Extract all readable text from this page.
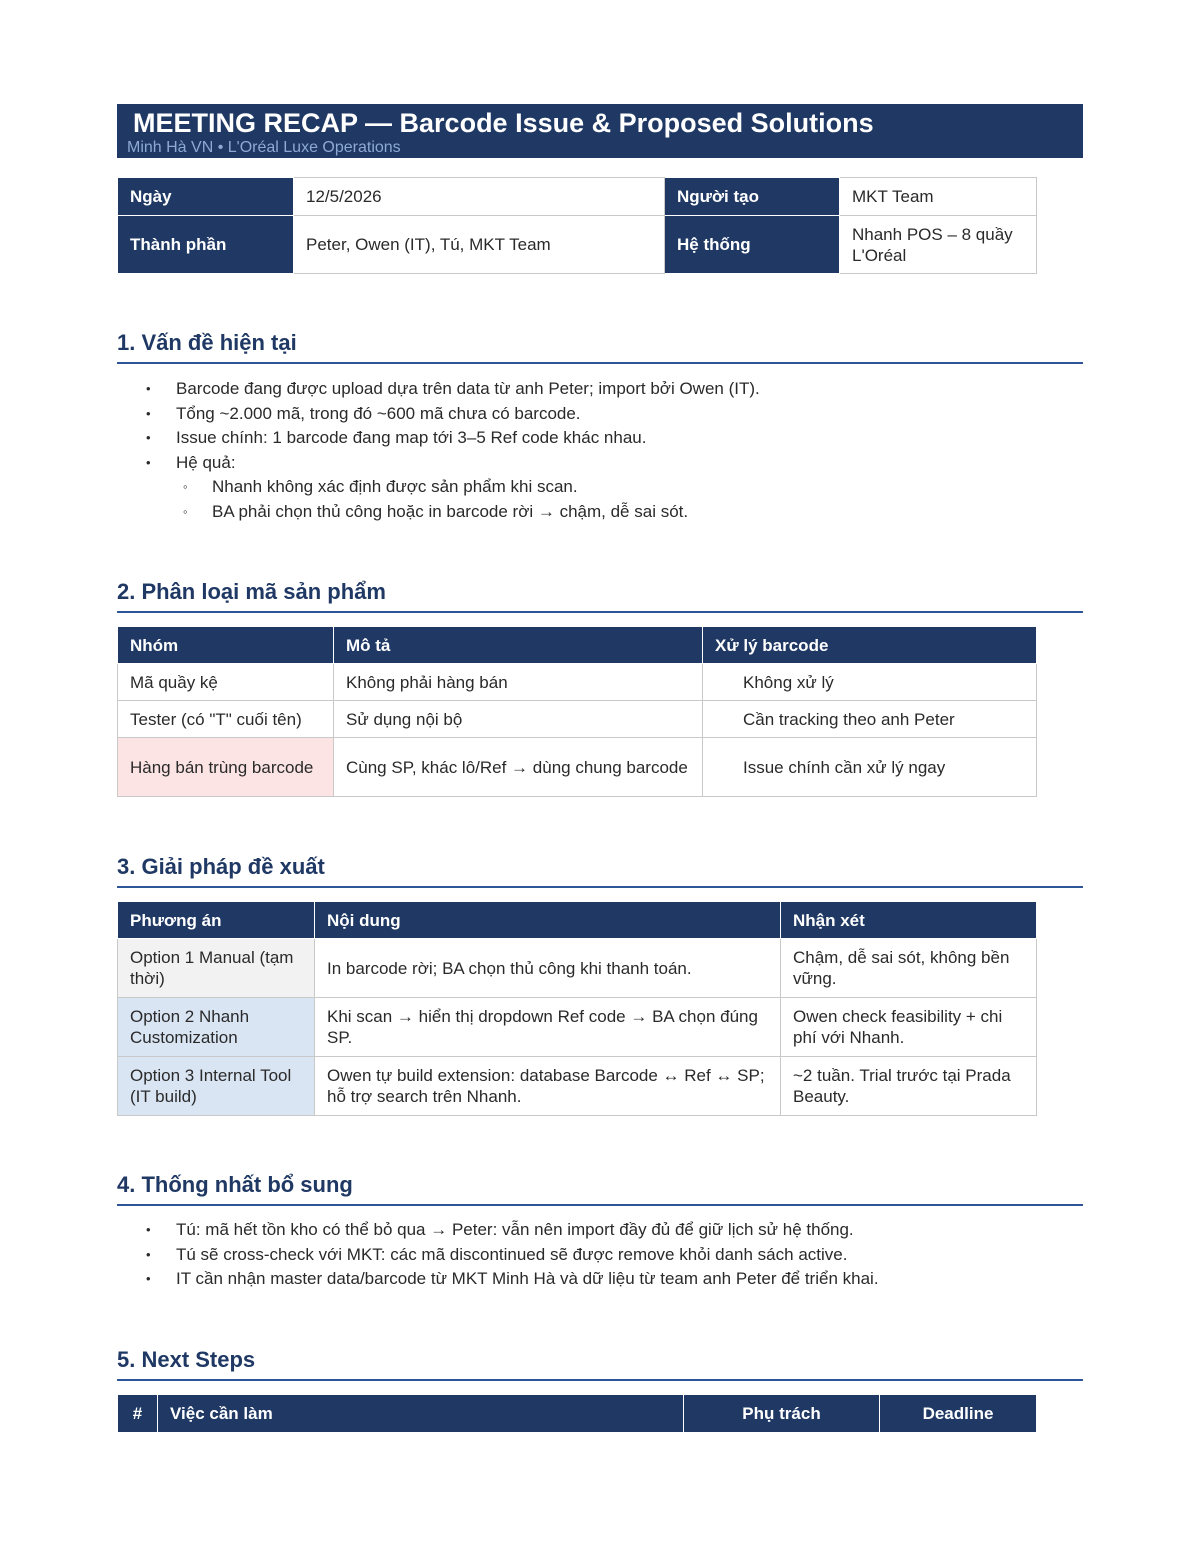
MEETING RECAP — Barcode Issue & Proposed Solutions
Minh Hà VN • L'Oréal Luxe Operations
Ngày	12/5/2026	Người tạo	MKT Team
Thành phần	Peter, Owen (IT), Tú, MKT Team	Hệ thống	Nhanh POS – 8 quầy L'Oréal
1. Vấn đề hiện tại
• Barcode đang được upload dựa trên data từ anh Peter; import bởi Owen (IT).
• Tổng ~2.000 mã, trong đó ~600 mã chưa có barcode.
• Issue chính: 1 barcode đang map tới 3–5 Ref code khác nhau.
• Hệ quả:
◦ Nhanh không xác định được sản phẩm khi scan.
◦ BA phải chọn thủ công hoặc in barcode rời → chậm, dễ sai sót.
2. Phân loại mã sản phẩm
Nhóm	Mô tả	Xử lý barcode
Mã quầy kệ	Không phải hàng bán	Không xử lý
Tester (có "T" cuối tên)	Sử dụng nội bộ	Cần tracking theo anh Peter
Hàng bán trùng barcode	Cùng SP, khác lô/Ref → dùng chung barcode	Issue chính cần xử lý ngay
3. Giải pháp đề xuất
Phương án	Nội dung	Nhận xét
Option 1 Manual (tạm thời)	In barcode rời; BA chọn thủ công khi thanh toán.	Chậm, dễ sai sót, không bền vững.
Option 2 Nhanh Customization	Khi scan → hiển thị dropdown Ref code → BA chọn đúng SP.	Owen check feasibility + chi phí với Nhanh.
Option 3 Internal Tool (IT build)	Owen tự build extension: database Barcode ↔ Ref ↔ SP; hỗ trợ search trên Nhanh.	~2 tuần. Trial trước tại Prada Beauty.
4. Thống nhất bổ sung
• Tú: mã hết tồn kho có thể bỏ qua → Peter: vẫn nên import đầy đủ để giữ lịch sử hệ thống.
• Tú sẽ cross-check với MKT: các mã discontinued sẽ được remove khỏi danh sách active.
• IT cần nhận master data/barcode từ MKT Minh Hà và dữ liệu từ team anh Peter để triển khai.
5. Next Steps
#	Việc cần làm	Phụ trách	Deadline
